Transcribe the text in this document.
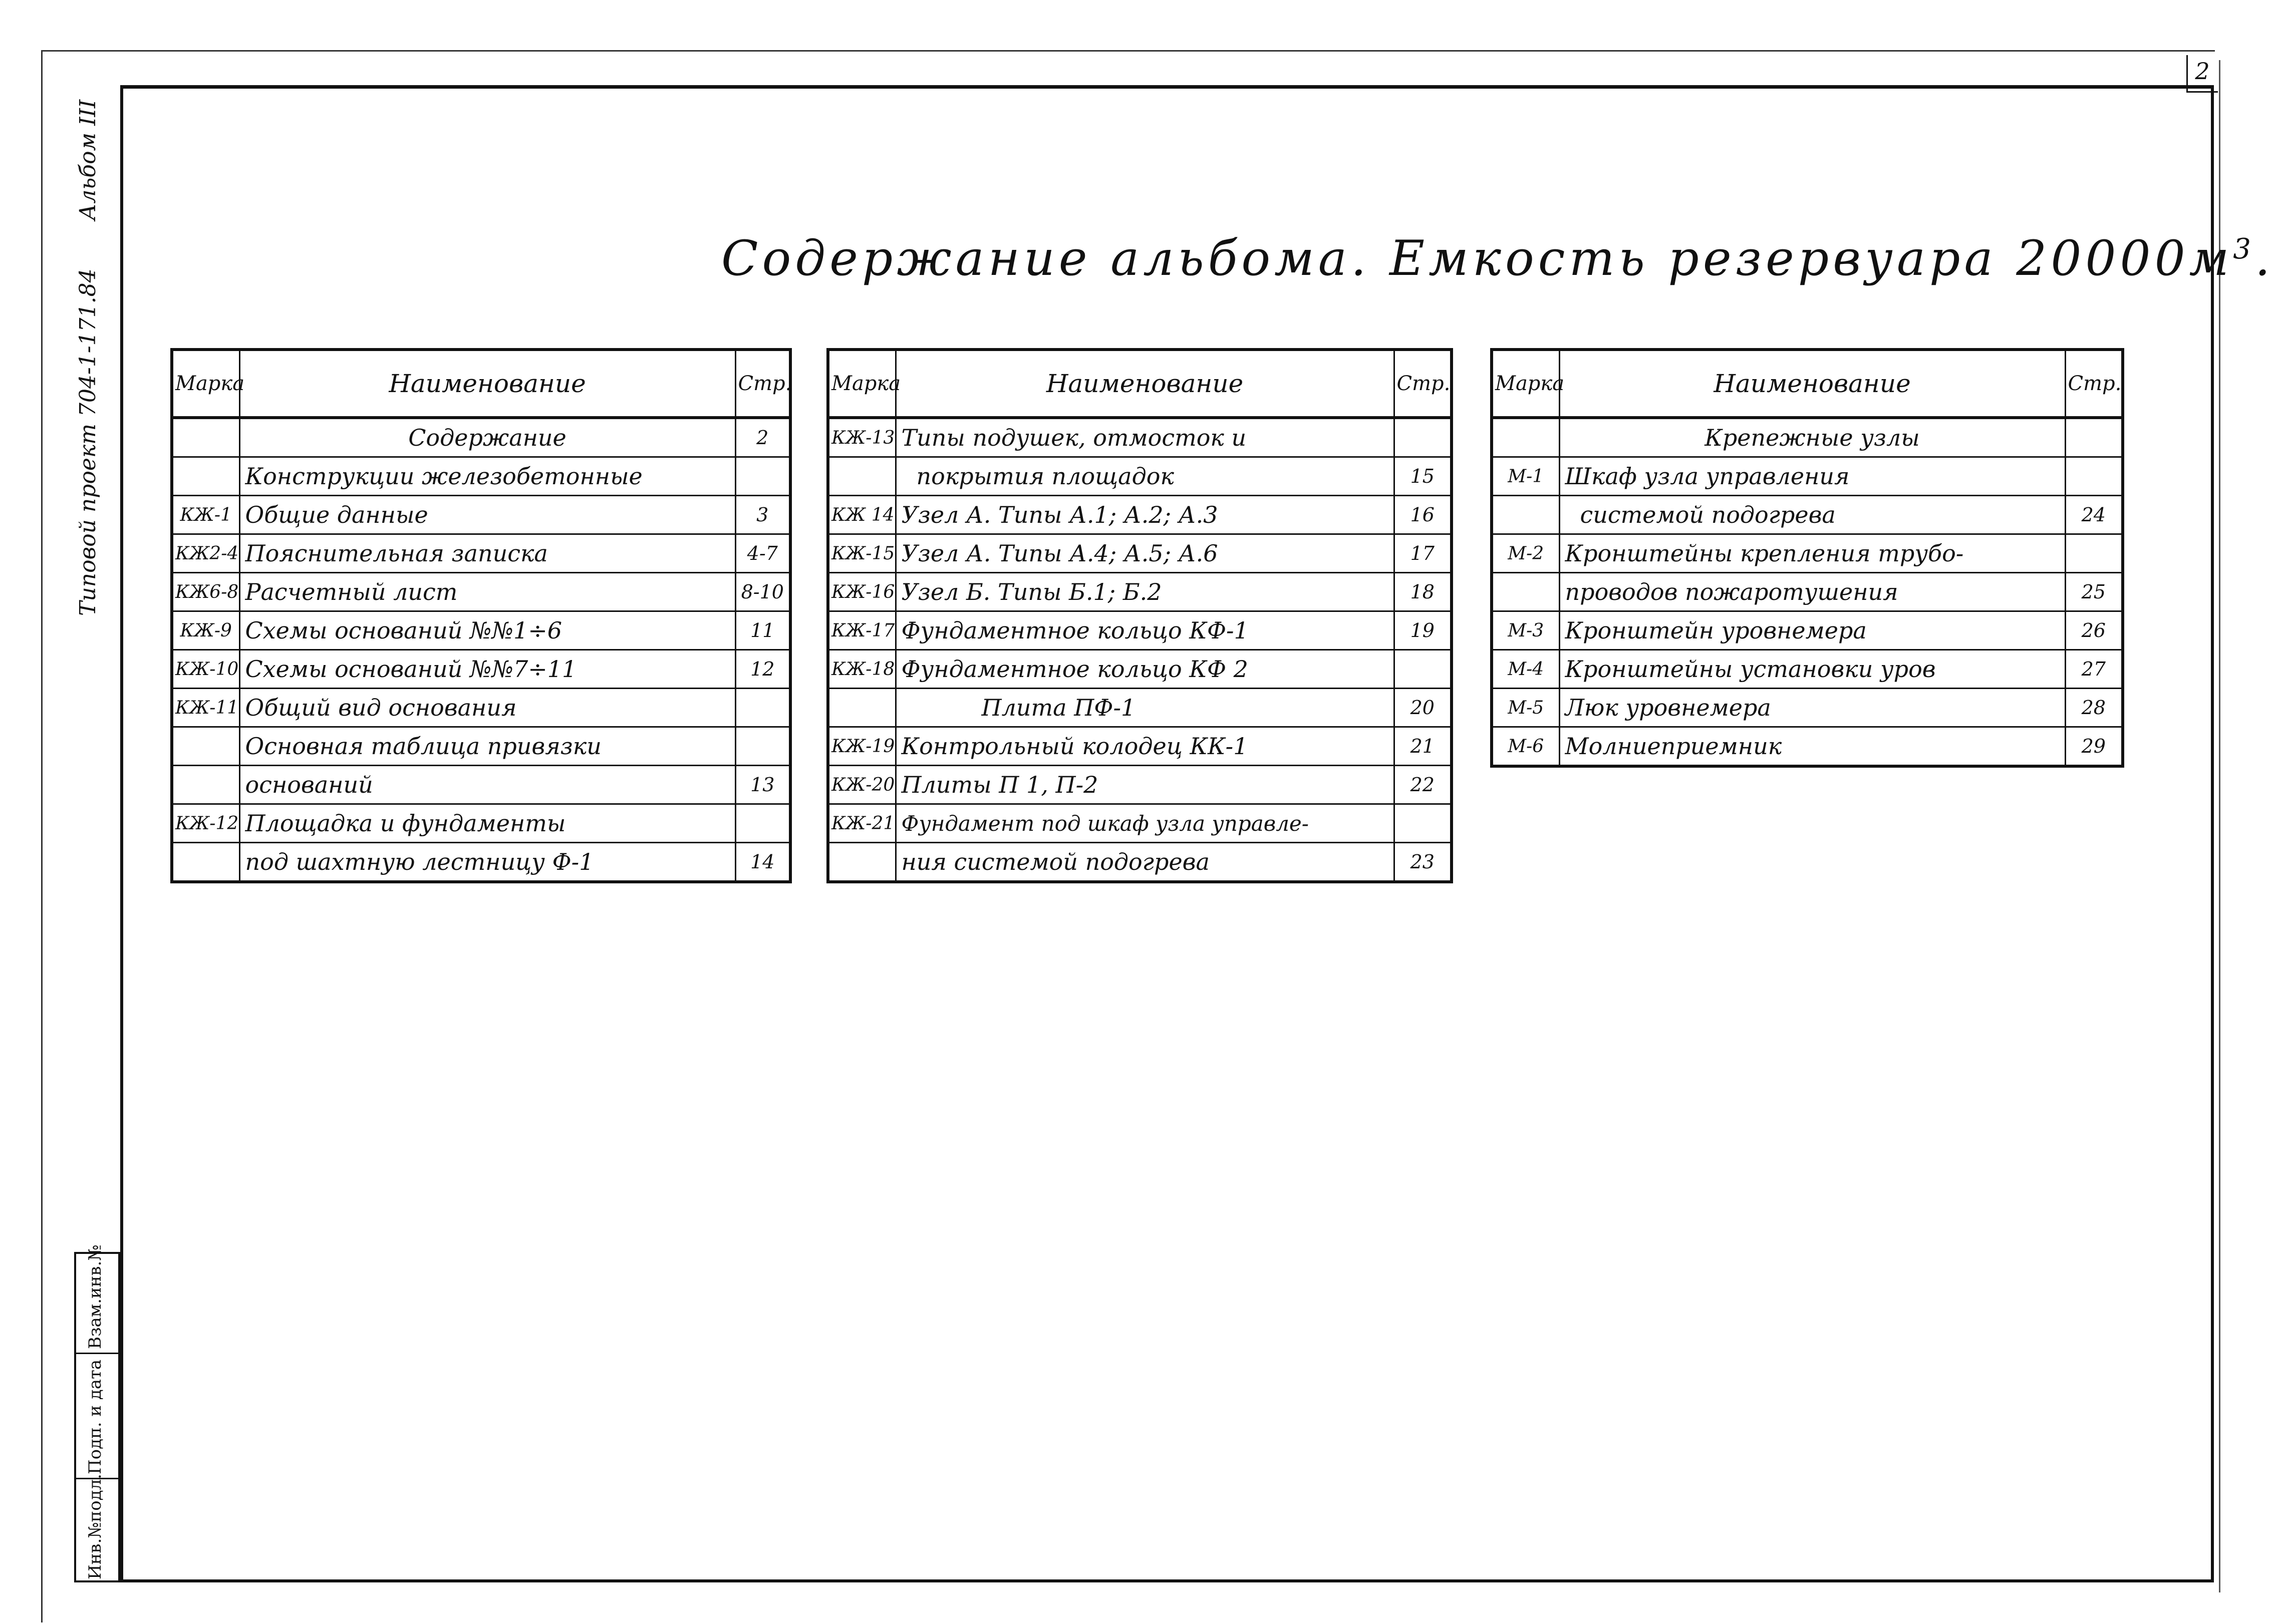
2
Типовой проект 704-1-171.84
Альбом III
Взам.инв.№
Подп. и дата
Инв.№подл.
Содержание альбома. Емкость резервуара $20000м^3$.
Марка	Наименование	Стр.
	Содержание	2
	Конструкции железобетонные	
КЖ-1	Общие данные	3
КЖ2-4	Пояснительная записка	4-7
КЖ6-8	Расчетный лист	8-10
КЖ-9	Схемы оснований №№1÷6	11
КЖ-10	Схемы оснований №№7÷11	12
КЖ-11	Общий вид основания	
	Основная таблица привязки	
	оснований	13
КЖ-12	Площадка и фундаменты	
	под шахтную лестницу Ф-1	14
Марка	Наименование	Стр.
КЖ-13	Типы подушек, отмосток и	
	покрытия площадок	15
КЖ 14	Узел А. Типы А.1; А.2; А.3	16
КЖ-15	Узел А. Типы А.4; А.5; А.6	17
КЖ-16	Узел Б. Типы Б.1; Б.2	18
КЖ-17	Фундаментное кольцо КФ-1	19
КЖ-18	Фундаментное кольцо КФ 2	
	Плита ПФ-1	20
КЖ-19	Контрольный колодец КК-1	21
КЖ-20	Плиты П 1, П-2	22
КЖ-21	Фундамент под шкаф узла управле-	
	ния системой подогрева	23
Марка	Наименование	Стр.
	Крепежные узлы	
М-1	Шкаф узла управления	
	системой подогрева	24
М-2	Кронштейны крепления трубо-	
	проводов пожаротушения	25
М-3	Кронштейн уровнемера	26
М-4	Кронштейны установки уров	27
М-5	Люк уровнемера	28
М-6	Молниеприемник	29
